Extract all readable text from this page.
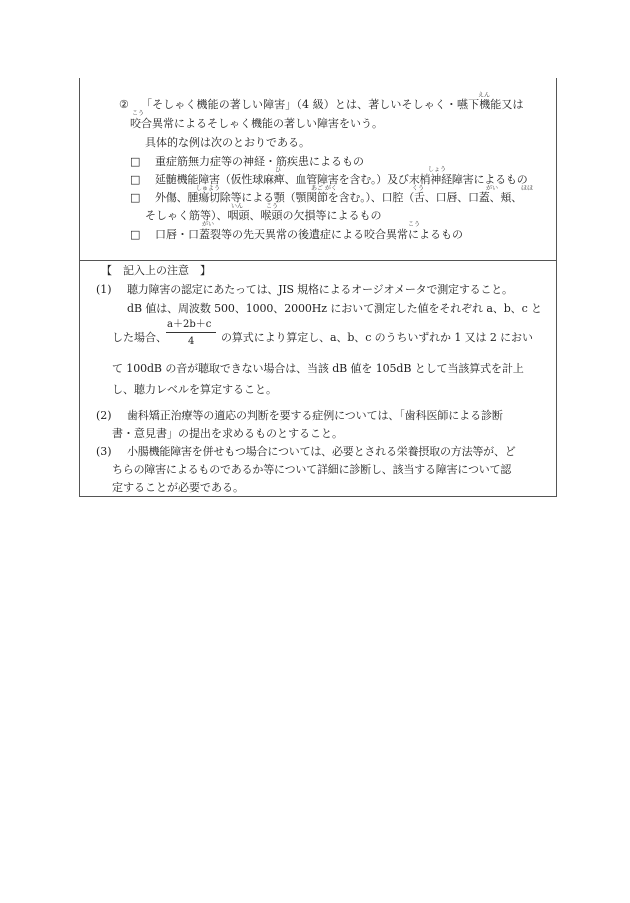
こう
えん
② 「そしゃく機能の著しい障害」（4 級）とは、著しいそしゃく・嚥下機能又は
咬合異常によるそしゃく機能の著しい障害をいう。
具体的な例は次のとおりである。
□ 重症筋無力症等の神経・筋疾患によるもの
ひ	しょう
□ 延髄機能障害（仮性球麻痺、血管障害を含む。）及び末梢神経障害によるもの
しゅよう	あご がく	くう	がい	ほほ
□ 外傷、腫瘍切除等による顎（顎関節を含む。）、口腔（舌、口唇、口蓋、頬、
いん	こう
そしゃく筋等）、咽頭、喉頭の欠損等によるもの
がい	こう
□ 口唇・口蓋裂等の先天異常の後遺症による咬合異常によるもの
【　記入上の注意　】
(1) 聴力障害の認定にあたっては、JIS 規格によるオージオメータで測定すること。
dB 値は、周波数 500、1000、2000Hz において測定した値をそれぞれ a、b、c と
した場合、
a＋2b＋c
4 の算式により算定し、a、b、c のうちいずれか 1 又は 2 におい
て 100dB の音が聴取できない場合は、当該 dB 値を 105dB として当該算式を計上
し、聴力レベルを算定すること。
(2) 歯科矯正治療等の適応の判断を要する症例については、「歯科医師による診断
書・意見書」の提出を求めるものとすること。
(3) 小腸機能障害を併せもつ場合については、必要とされる栄養摂取の方法等が、ど
ちらの障害によるものであるか等について詳細に診断し、該当する障害について認
定することが必要である。
